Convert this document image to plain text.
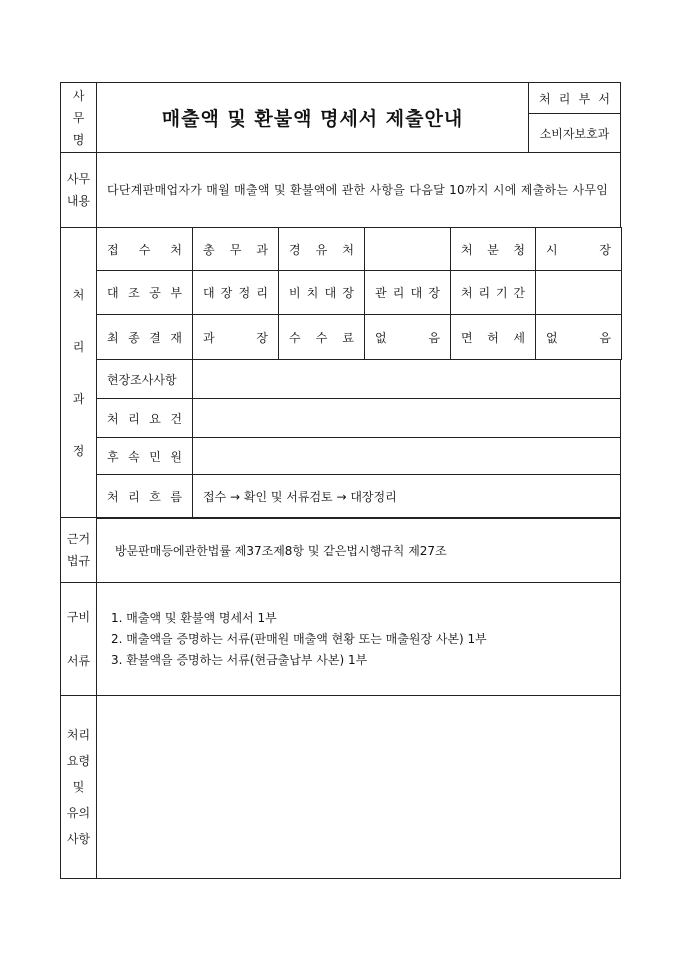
사
무
명
매출액 및 환불액 명세서 제출안내
처 리 부 서
소비자보호과
사무
내용
다단계판매업자가 매월 매출액 및 환불액에 관한 사항을 다음달 10까지 시에 제출하는 사무임
처
리
과
정
접 수 처 총 무 과 경 유 처	처 분 청 시 장
대 조 공 부 대 장 정 리 비 치 대 장 관 리 대 장 처 리 기 간
최 종 결 재 과 장 수 수 료 없 음 면 허 세 없 음
현장조사사항
처 리 요 건
후 속 민 원
처 리 흐 름	접수 → 확인 및 서류검토 → 대장정리
근거
법규
방문판매등에관한법률 제37조제8항 및 같은법시행규칙 제27조
구비
서류
1. 매출액 및 환불액 명세서 1부
2. 매출액을 증명하는 서류(판매원 매출액 현황 또는 매출원장 사본) 1부
3. 환불액을 증명하는 서류(현금출납부 사본) 1부
처리
요령
및
유의
사항
